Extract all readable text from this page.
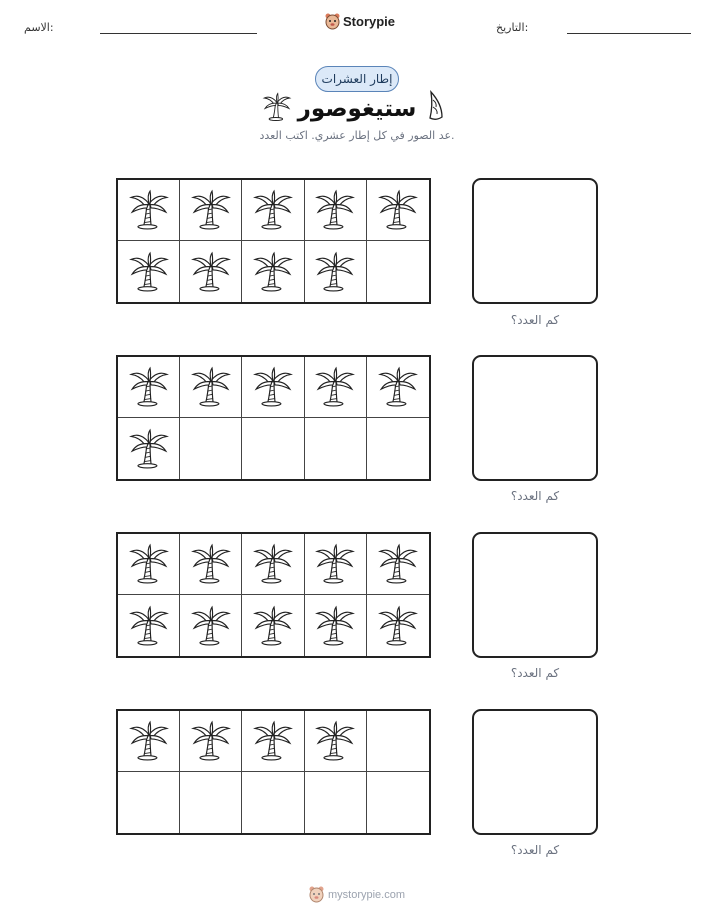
الاسم:	Storypie	التاريخ:
إطار العشرات
ستيغوصور
عد الصور في كل إطار عشري. اكتب العدد.
كم العدد؟
كم العدد؟
كم العدد؟
كم العدد؟
mystorypie.com
